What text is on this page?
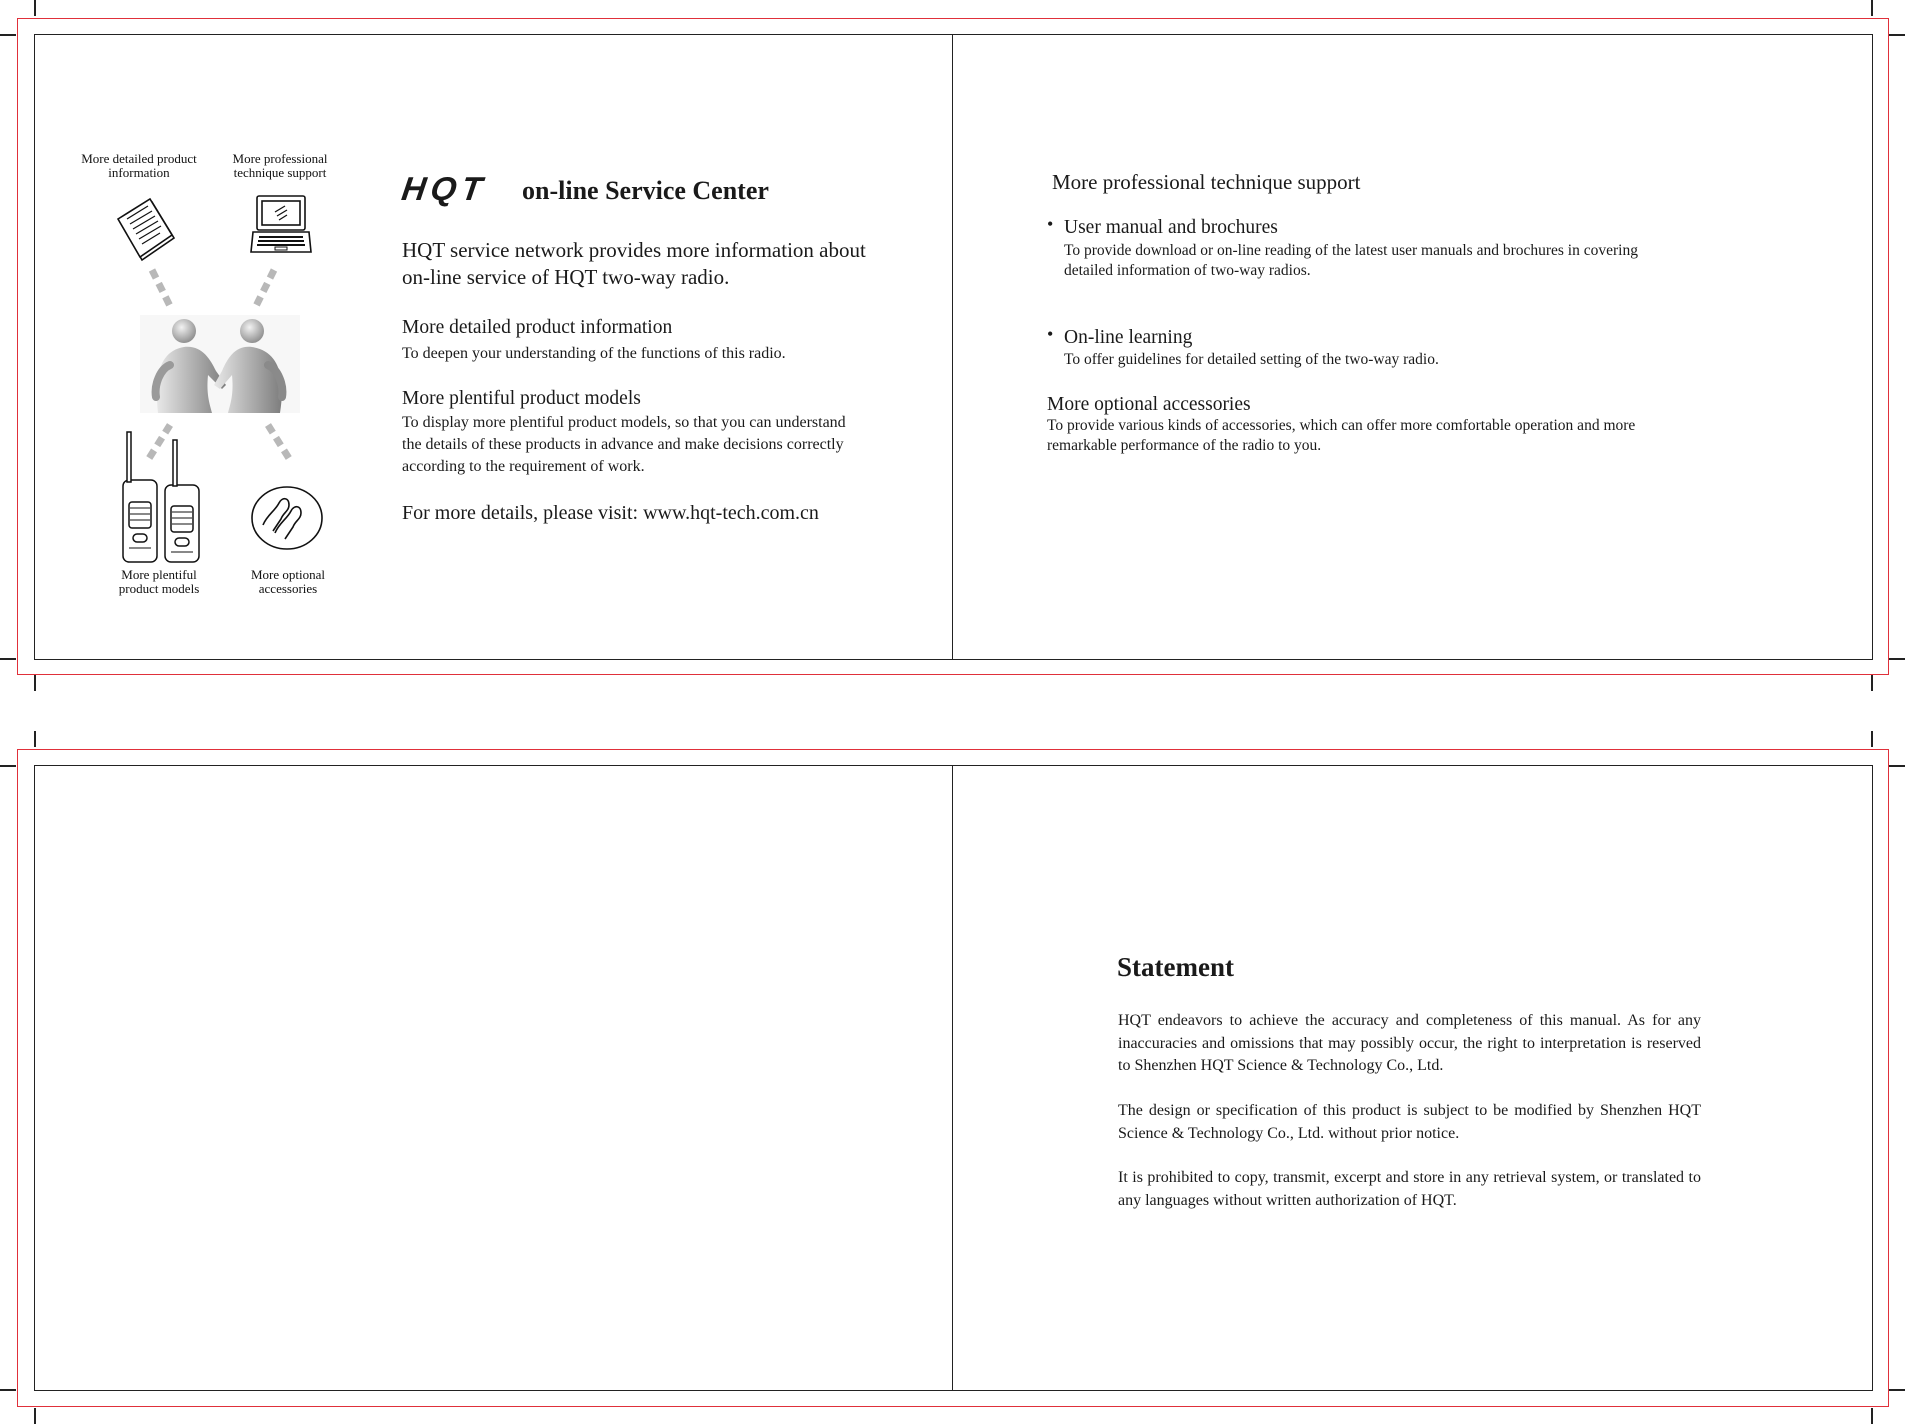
More detailed product
information
More professional
technique support
More plentiful
product models
More optional
accessories
HQT on-line Service Center
HQT service network provides more information about
on-line service of HQT two-way radio.
More detailed product information
To deepen your understanding of the functions of this radio.
More plentiful product models
To display more plentiful product models, so that you can understand
the details of these products in advance and make decisions correctly
according to the requirement of work.
For more details, please visit: www.hqt-tech.com.cn
More professional technique support
• User manual and brochures
To provide download or on-line reading of the latest user manuals and brochures in covering
detailed information of two-way radios.
• On-line learning
To offer guidelines for detailed setting of the two-way radio.
More optional accessories
To provide various kinds of accessories, which can offer more comfortable operation and more
remarkable performance of the radio to you.
Statement
HQT endeavors to achieve the accuracy and completeness of this manual. As for any inaccuracies and omissions that may possibly occur, the right to interpretation is reserved to Shenzhen HQT Science & Technology Co., Ltd.
The design or specification of this product is subject to be modified by Shenzhen HQT Science & Technology Co., Ltd. without prior notice.
It is prohibited to copy, transmit, excerpt and store in any retrieval system, or translated to any languages without written authorization of HQT.
